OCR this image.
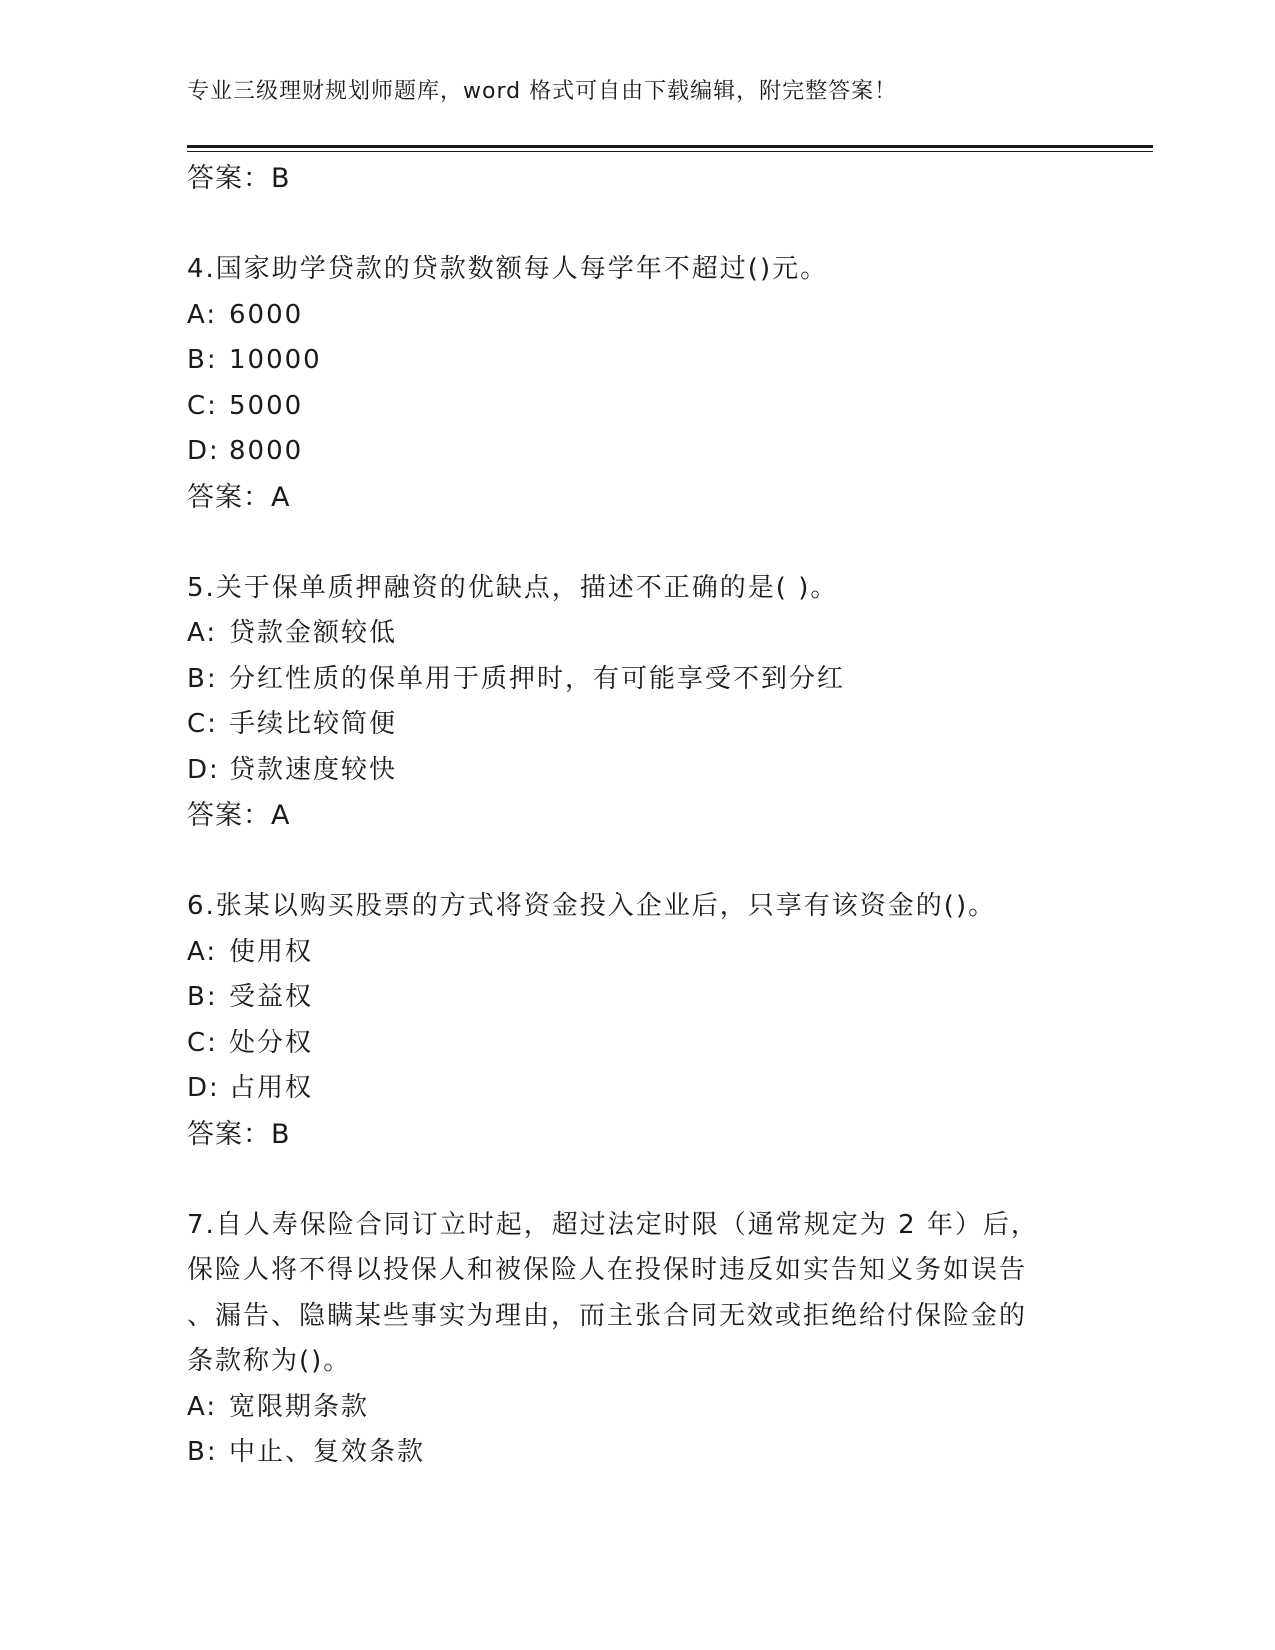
专业三级理财规划师题库，word 格式可自由下载编辑，附完整答案！
答案：B
4.国家助学贷款的贷款数额每人每学年不超过()元。
A: 6000
B: 10000
C: 5000
D: 8000
答案：A
5.关于保单质押融资的优缺点，描述不正确的是( )。
A: 贷款金额较低
B: 分红性质的保单用于质押时，有可能享受不到分红
C: 手续比较简便
D: 贷款速度较快
答案：A
6.张某以购买股票的方式将资金投入企业后，只享有该资金的()。
A: 使用权
B: 受益权
C: 处分权
D: 占用权
答案：B
7.自人寿保险合同订立时起，超过法定时限（通常规定为 2 年）后，
保险人将不得以投保人和被保险人在投保时违反如实告知义务如误告
、漏告、隐瞒某些事实为理由，而主张合同无效或拒绝给付保险金的
条款称为()。
A: 宽限期条款
B: 中止、复效条款
